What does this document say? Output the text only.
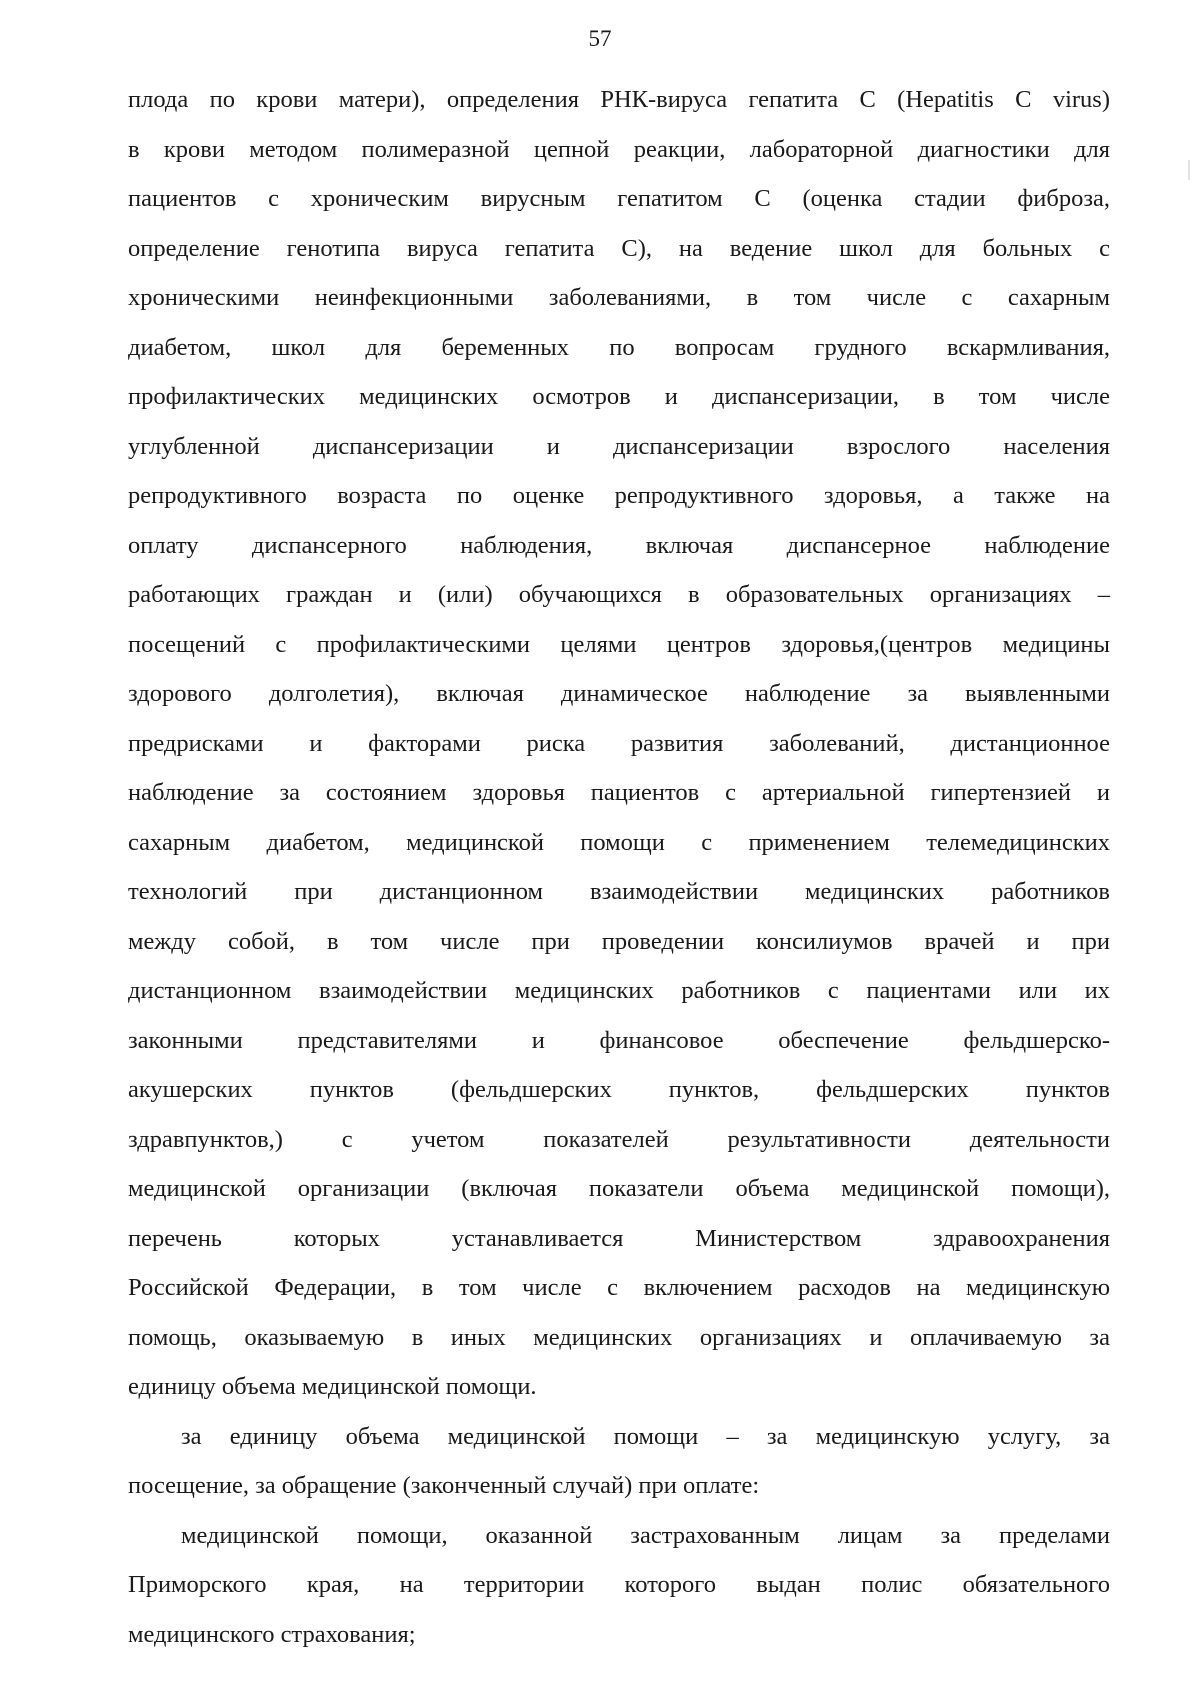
57
плода по крови матери), определения РНК-вируса гепатита С (Hepatitis C virus)
в крови методом полимеразной цепной реакции, лабораторной диагностики для
пациентов с хроническим вирусным гепатитом С (оценка стадии фиброза,
определение генотипа вируса гепатита С), на ведение школ для больных с
хроническими неинфекционными заболеваниями, в том числе с сахарным
диабетом, школ для беременных по вопросам грудного вскармливания,
профилактических медицинских осмотров и диспансеризации, в том числе
углубленной диспансеризации и диспансеризации взрослого населения
репродуктивного возраста по оценке репродуктивного здоровья, а также на
оплату диспансерного наблюдения, включая диспансерное наблюдение
работающих граждан и (или) обучающихся в образовательных организациях –
посещений с профилактическими целями центров здоровья,(центров медицины
здорового долголетия), включая динамическое наблюдение за выявленными
предрисками и факторами риска развития заболеваний, дистанционное
наблюдение за состоянием здоровья пациентов с артериальной гипертензией и
сахарным диабетом, медицинской помощи с применением телемедицинских
технологий при дистанционном взаимодействии медицинских работников
между собой, в том числе при проведении консилиумов врачей и при
дистанционном взаимодействии медицинских работников с пациентами или их
законными представителями и финансовое обеспечение фельдшерско-
акушерских пунктов (фельдшерских пунктов, фельдшерских пунктов
здравпунктов,) с учетом показателей результативности деятельности
медицинской организации (включая показатели объема медицинской помощи),
перечень которых устанавливается Министерством здравоохранения
Российской Федерации, в том числе с включением расходов на медицинскую
помощь, оказываемую в иных медицинских организациях и оплачиваемую за
единицу объема медицинской помощи.
за единицу объема медицинской помощи – за медицинскую услугу, за
посещение, за обращение (законченный случай) при оплате:
медицинской помощи, оказанной застрахованным лицам за пределами
Приморского края, на территории которого выдан полис обязательного
медицинского страхования;
